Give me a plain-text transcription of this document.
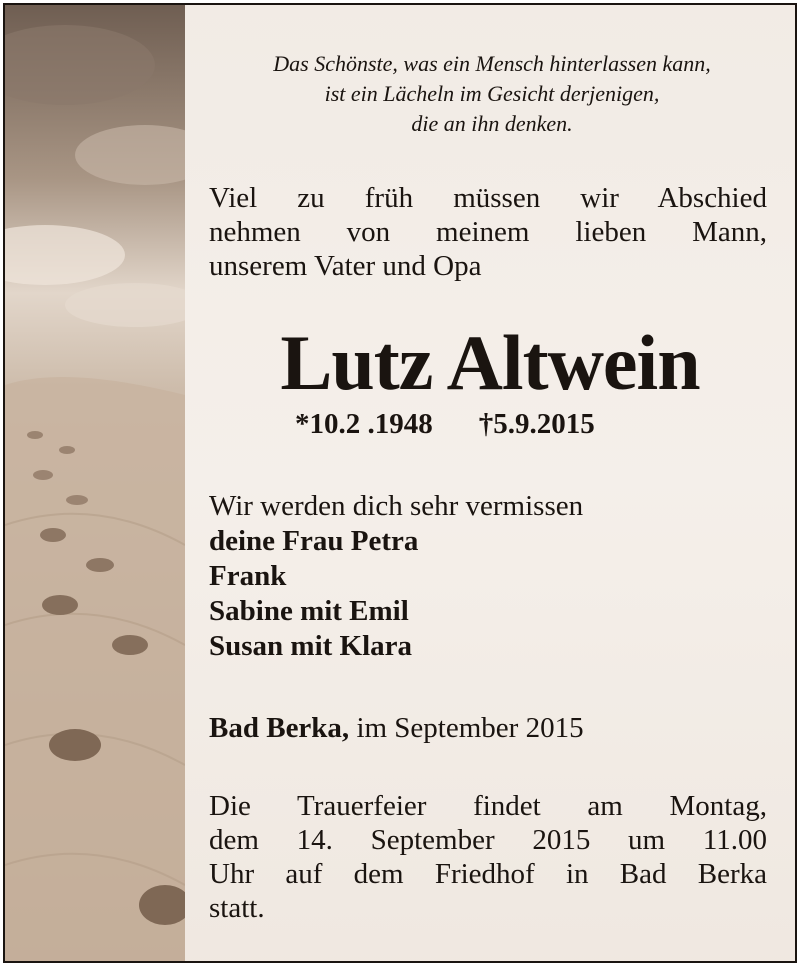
Das Schönste, was ein Mensch hinterlassen kann,
ist ein Lächeln im Gesicht derjenigen,
die an ihn denken.
Viel zu früh müssen wir Abschied
nehmen von meinem lieben Mann,
unserem Vater und Opa
Lutz Altwein
*10.2 .1948 †5.9.2015
Wir werden dich sehr vermissen
deine Frau Petra
Frank
Sabine mit Emil
Susan mit Klara
Bad Berka, im September 2015
Die Trauerfeier findet am Montag,
dem 14. September 2015 um 11.00
Uhr auf dem Friedhof in Bad Berka
statt.
